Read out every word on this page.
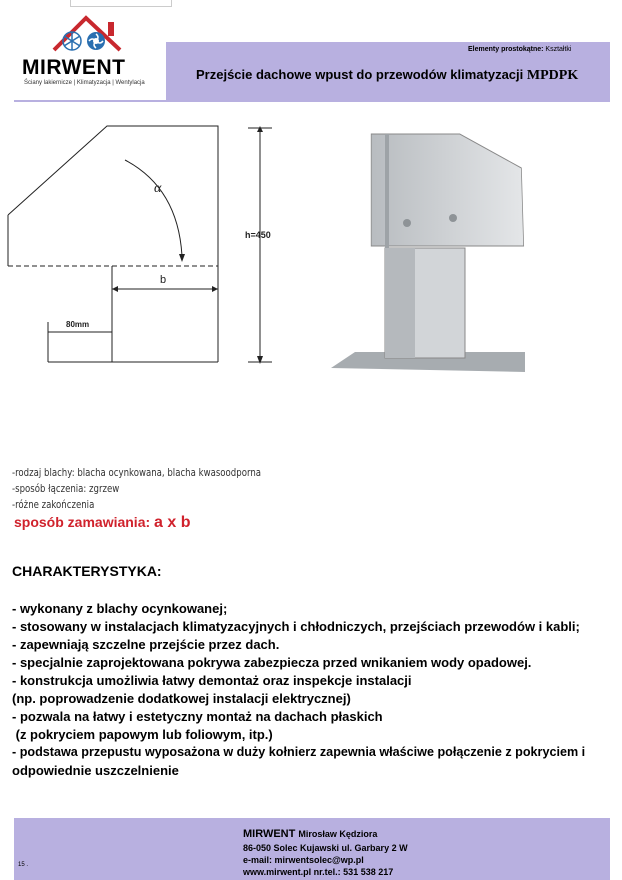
MIRWENT
Ściany lakiernicze | Klimatyzacja | Wentylacja
Elementy prostokątne: Kształtki
Przejście dachowe wpust do przewodów klimatyzacji MPDPK
α
b
h=450
80mm
-rodzaj blachy: blacha ocynkowana, blacha kwasoodporna
-sposób łączenia: zgrzew
-różne zakończenia
sposób zamawiania: a x b
CHARAKTERYSTYKA:
- wykonany z blachy ocynkowanej;
- stosowany w instalacjach klimatyzacyjnych i chłodniczych, przejściach przewodów i kabli;
- zapewniają szczelne przejście przez dach.
- specjalnie zaprojektowana pokrywa zabezpiecza przed wnikaniem wody opadowej.
- konstrukcja umożliwia łatwy demontaż oraz inspekcje instalacji
(np. poprowadzenie dodatkowej instalacji elektrycznej)
- pozwala na łatwy i estetyczny montaż na dachach płaskich
(z pokryciem papowym lub foliowym, itp.)
- podstawa przepustu wyposażona w duży kołnierz zapewnia właściwe połączenie z pokryciem i
odpowiednie uszczelnienie
MIRWENT Mirosław Kędziora
86-050 Solec Kujawski ul. Garbary 2 W
e-mail: mirwentsolec@wp.pl
www.mirwent.pl nr.tel.: 531 538 217
15 .
